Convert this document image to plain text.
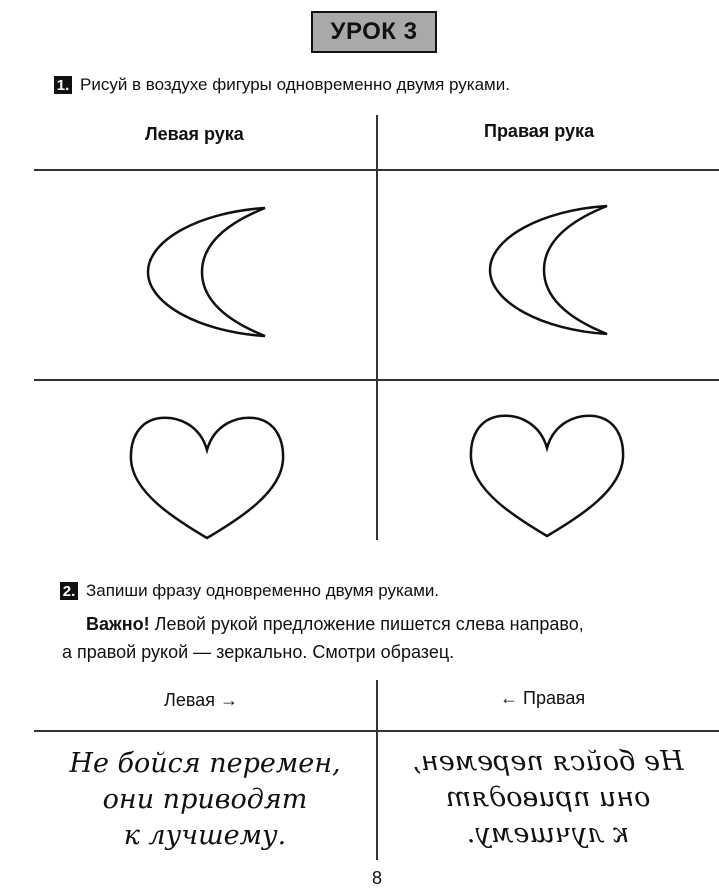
УРОК 3
1. Рисуй в воздухе фигуры одновременно двумя руками.
Левая рука	Правая рука
2. Запиши фразу одновременно двумя руками.
Важно! Левой рукой предложение пишется слева направо,
а правой рукой — зеркально. Смотри образец.
Левая →	← Правая
Не бойся перемен,
они приводят
к лучшему.
Не бойся перемен,
они приводят
к лучшему.
8
